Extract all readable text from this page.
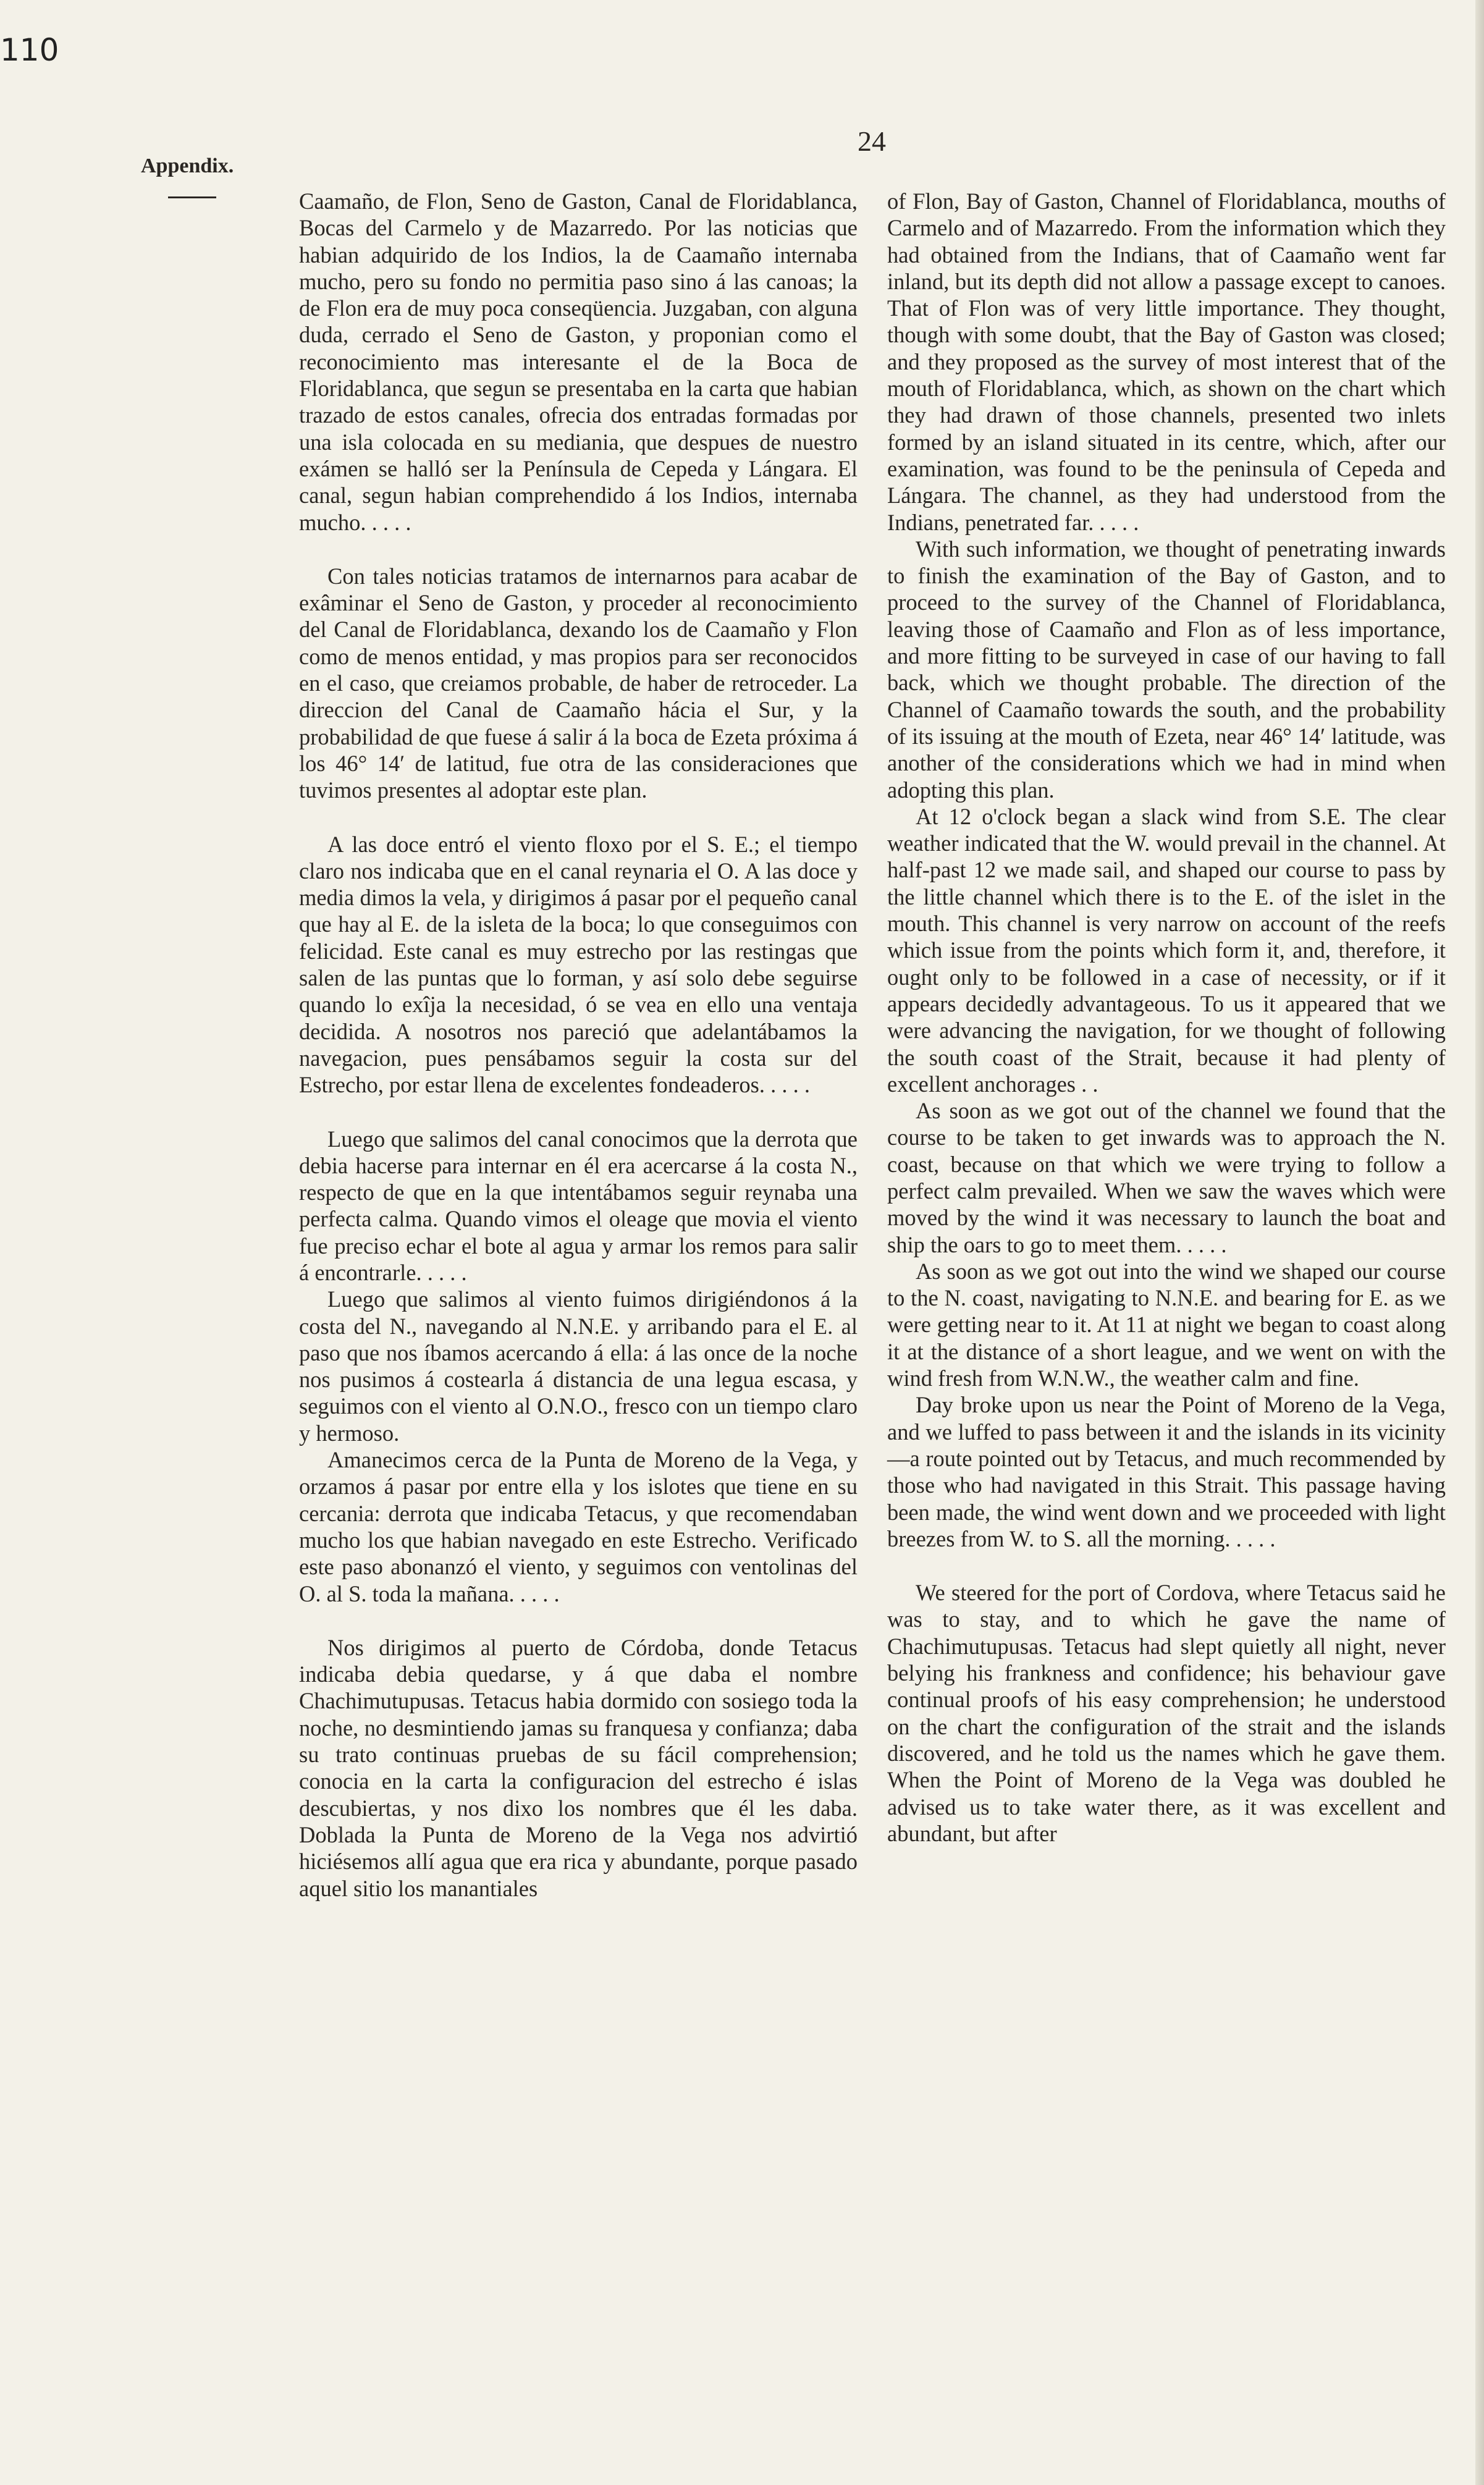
110
24
Appendix.

Caamaño, de Flon, Seno de Gaston, Canal de Floridablanca, Bocas del Carmelo y de Mazarredo. Por las noticias que habian adquirido de los Indios, la de Caamaño internaba mucho, pero su fondo no permitia paso sino á las canoas; la de Flon era de muy poca conseqüencia. Juzgaban, con alguna duda, cerrado el Seno de Gaston, y proponian como el reconocimiento mas interesante el de la Boca de Floridablanca, que segun se presentaba en la carta que habian trazado de estos canales, ofrecia dos entradas formadas por una isla colocada en su mediania, que despues de nuestro exámen se halló ser la Península de Cepeda y Lángara. El canal, segun habian comprehendido á los Indios, internaba mucho. . . . .

Con tales noticias tratamos de internarnos para acabar de exâminar el Seno de Gaston, y proceder al reconocimiento del Canal de Floridablanca, dexando los de Caamaño y Flon como de menos entidad, y mas propios para ser reconocidos en el caso, que creiamos probable, de haber de retroceder. La direccion del Canal de Caamaño hácia el Sur, y la probabilidad de que fuese á salir á la boca de Ezeta próxima á los 46° 14′ de latitud, fue otra de las consideraciones que tuvimos presentes al adoptar este plan.

A las doce entró el viento floxo por el S. E.; el tiempo claro nos indicaba que en el canal reynaria el O. A las doce y media dimos la vela, y dirigimos á pasar por el pequeño canal que hay al E. de la isleta de la boca; lo que conseguimos con felicidad. Este canal es muy estrecho por las restingas que salen de las puntas que lo forman, y así solo debe seguirse quando lo exîja la necesidad, ó se vea en ello una ventaja decidida. A nosotros nos pareció que adelantábamos la navegacion, pues pensábamos seguir la costa sur del Estrecho, por estar llena de excelentes fondeaderos. . . . .

Luego que salimos del canal conocimos que la derrota que debia hacerse para internar en él era acercarse á la costa N., respecto de que en la que intentábamos seguir reynaba una perfecta calma. Quando vimos el oleage que movia el viento fue preciso echar el bote al agua y armar los remos para salir á encontrarle. . . . .

Luego que salimos al viento fuimos dirigiéndonos á la costa del N., navegando al N.N.E. y arribando para el E. al paso que nos íbamos acercando á ella: á las once de la noche nos pusimos á costearla á distancia de una legua escasa, y seguimos con el viento al O.N.O., fresco con un tiempo claro y hermoso.

Amanecimos cerca de la Punta de Moreno de la Vega, y orzamos á pasar por entre ella y los islotes que tiene en su cercania: derrota que indicaba Tetacus, y que recomendaban mucho los que habian navegado en este Estrecho. Verificado este paso abonanzó el viento, y seguimos con ventolinas del O. al S. toda la mañana. . . . .

Nos dirigimos al puerto de Córdoba, donde Tetacus indicaba debia quedarse, y á que daba el nombre Chachimutupusas. Tetacus habia dormido con sosiego toda la noche, no desmintiendo jamas su franquesa y confianza; daba su trato continuas pruebas de su fácil comprehension; conocia en la carta la configuracion del estrecho é islas descubiertas, y nos dixo los nombres que él les daba. Doblada la Punta de Moreno de la Vega nos advirtió hiciésemos allí agua que era rica y abundante, porque pasado aquel sitio los manantiales

of Flon, Bay of Gaston, Channel of Floridablanca, mouths of Carmelo and of Mazarredo. From the information which they had obtained from the Indians, that of Caamaño went far inland, but its depth did not allow a passage except to canoes. That of Flon was of very little importance. They thought, though with some doubt, that the Bay of Gaston was closed; and they proposed as the survey of most interest that of the mouth of Floridablanca, which, as shown on the chart which they had drawn of those channels, presented two inlets formed by an island situated in its centre, which, after our examination, was found to be the peninsula of Cepeda and Lángara. The channel, as they had understood from the Indians, penetrated far. . . . .

With such information, we thought of penetrating inwards to finish the examination of the Bay of Gaston, and to proceed to the survey of the Channel of Floridablanca, leaving those of Caamaño and Flon as of less importance, and more fitting to be surveyed in case of our having to fall back, which we thought probable. The direction of the Channel of Caamaño towards the south, and the probability of its issuing at the mouth of Ezeta, near 46° 14′ latitude, was another of the considerations which we had in mind when adopting this plan.

At 12 o'clock began a slack wind from S.E. The clear weather indicated that the W. would prevail in the channel. At half-past 12 we made sail, and shaped our course to pass by the little channel which there is to the E. of the islet in the mouth. This channel is very narrow on account of the reefs which issue from the points which form it, and, therefore, it ought only to be followed in a case of necessity, or if it appears decidedly advantageous. To us it appeared that we were advancing the navigation, for we thought of following the south coast of the Strait, because it had plenty of excellent anchorages . .

As soon as we got out of the channel we found that the course to be taken to get inwards was to approach the N. coast, because on that which we were trying to follow a perfect calm prevailed. When we saw the waves which were moved by the wind it was necessary to launch the boat and ship the oars to go to meet them. . . . .

As soon as we got out into the wind we shaped our course to the N. coast, navigating to N.N.E. and bearing for E. as we were getting near to it. At 11 at night we began to coast along it at the distance of a short league, and we went on with the wind fresh from W.N.W., the weather calm and fine.

Day broke upon us near the Point of Moreno de la Vega, and we luffed to pass between it and the islands in its vicinity—a route pointed out by Tetacus, and much recommended by those who had navigated in this Strait. This passage having been made, the wind went down and we proceeded with light breezes from W. to S. all the morning. . . . .

We steered for the port of Cordova, where Tetacus said he was to stay, and to which he gave the name of Chachimutupusas. Tetacus had slept quietly all night, never belying his frankness and confidence; his behaviour gave continual proofs of his easy comprehension; he understood on the chart the configuration of the strait and the islands discovered, and he told us the names which he gave them. When the Point of Moreno de la Vega was doubled he advised us to take water there, as it was excellent and abundant, but after
